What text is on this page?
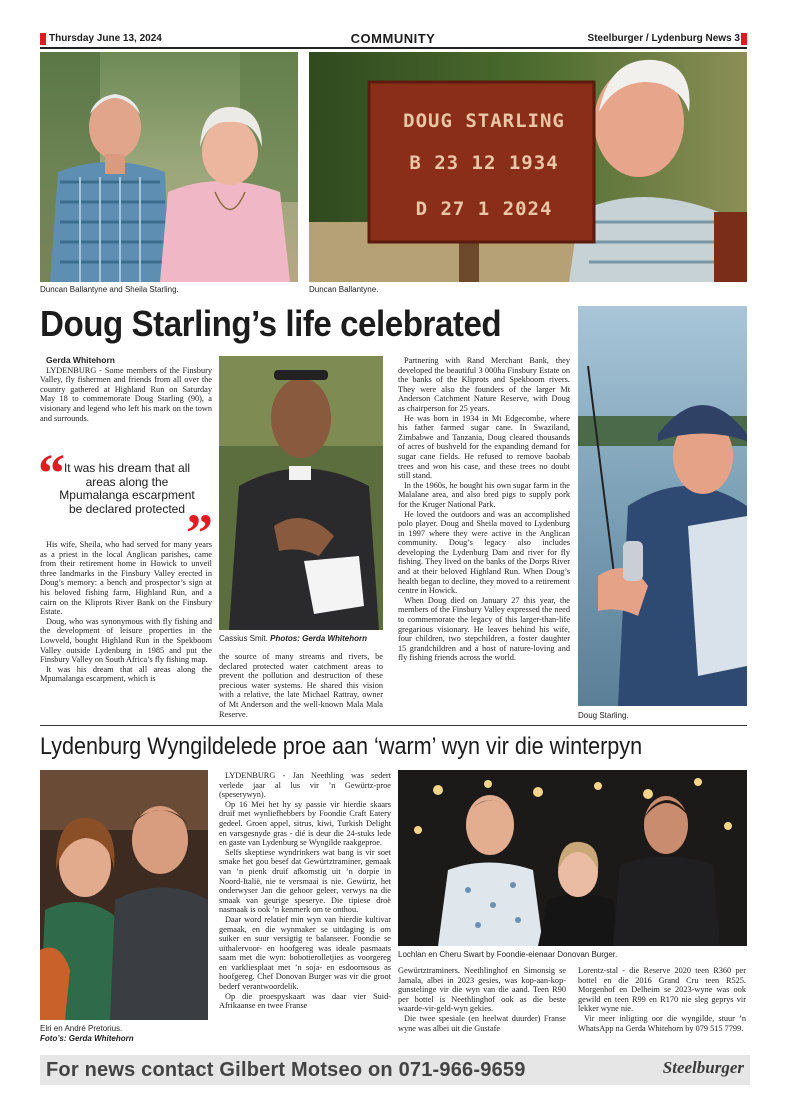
Thursday June 13, 2024	COMMUNITY	Steelburger / Lydenburg News 3
Duncan Ballantyne and Sheila Starling.
DOUG STARLING
B 23 12 1934
D 27 1 2024
Duncan Ballantyne.
Doug Starling’s life celebrated

Gerda Whitehorn

LYDENBURG - Some members of the Finsbury Valley, fly fishermen and friends from all over the country gathered at Highland Run on Saturday May 18 to commemorate Doug Starling (90), a visionary and legend who left his mark on the town and surrounds.

“
It was his dream that all areas along the Mpumalanga escarpment be declared protected ”

His wife, Sheila, who had served for many years as a priest in the local Anglican parishes, came from their retirement home in Howick to unveil three landmarks in the Finsbury Valley erected in Doug’s memory: a bench and prospector’s sign at his beloved fishing farm, Highland Run, and a cairn on the Kliprots River Bank on the Finsbury Estate.

Doug, who was synonymous with fly fishing and the development of leisure properties in the Lowveld, bought Highland Run in the Spekboom Valley outside Lydenburg in 1985 and put the Finsbury Valley on South Africa’s fly fishing map.

It was his dream that all areas along the Mpumalanga escarpment, which is

Cassius Smit. Photos: Gerda Whitehorn

the source of many streams and rivers, be declared protected water catchment areas to prevent the pollution and destruction of these precious water systems. He shared this vision with a relative, the late Michael Rattray, owner of Mt Anderson and the well-known Mala Mala Reserve.

Partnering with Rand Merchant Bank, they developed the beautiful 3 000ha Finsbury Estate on the banks of the Kliprots and Spekboom rivers. They were also the founders of the larger Mt Anderson Catchment Nature Reserve, with Doug as chairperson for 25 years.

He was born in 1934 in Mt Edgecombe, where his father farmed sugar cane. In Swaziland, Zimbabwe and Tanzania, Doug cleared thousands of acres of bushveld for the expanding demand for sugar cane fields. He refused to remove baobab trees and won his case, and these trees no doubt still stand.

In the 1960s, he bought his own sugar farm in the Malalane area, and also bred pigs to supply pork for the Kruger National Park.

He loved the outdoors and was an accomplished polo player. Doug and Sheila moved to Lydenburg in 1997 where they were active in the Anglican community. Doug’s legacy also includes developing the Lydenburg Dam and river for fly fishing. They lived on the banks of the Dorps River and at their beloved Highland Run. When Doug’s health began to decline, they moved to a retirement centre in Howick.

When Doug died on January 27 this year, the members of the Finsbury Valley expressed the need to commemorate the legacy of this larger-than-life gregarious visionary. He leaves behind his wife, four children, two stepchildren, a foster daughter 15 grandchildren and a host of nature-loving and fly fishing friends across the world.

Doug Starling.
Lydenburg Wyngildelede proe aan ‘warm’ wyn vir die winterpyn
Elri en André Pretorius.
Foto’s: Gerda Whitehorn

LYDENBURG - Jan Neethling was sedert verlede jaar al lus vir ’n Gewürtz-proe (speserywyn).

Op 16 Mei het hy sy passie vir hierdie skaars druif met wynliefhebbers by Foondie Craft Eatery gedeel. Groen appel, sitrus, kiwi, Turkish Delight en varsgesnyde gras - dié is deur die 24-stuks lede en gaste van Lydenburg se Wyngilde raakgeproe.

Selfs skeptiese wyndrinkers wat bang is vir soet smake het gou besef dat Gewürtztraminer, gemaak van ’n pienk druif afkomstig uit ’n dorpie in Noord-Italië, nie te versmaai is nie. Gewürtz, het onderwyser Jan die gehoor geleer, verwys na die smaak van geurige speserye. Die tipiese droë nasmaak is ook ’n kenmerk om te onthou.

Daar word relatief min wyn van hierdie kultivar gemaak, en die wynmaker se uitdaging is om suiker en suur versigtig te balanseer. Foondie se uithalervoor- en hoofgereg was ideale pasmaats saam met die wyn: bobotierolletjies as voorgereg en varkliesplaat met ’n soja- en esdoornsous as hoofgereg. Chef Donovan Burger was vir die groot bederf verantwoordelik.

Op die proespyskaart was daar vier Suid-Afrikaanse en twee Franse

Lochlan en Cheru Swart by Foondie-eienaar Donovan Burger.

Gewürtztraminers. Neethlinghof en Simonsig se Jamala, albei in 2023 gesies, was kop-aan-kop-gunstelinge vir die wyn van die aand. Teen R90 per bottel is Neethlinghof ook as die beste waarde-vir-geld-wyn gekies.

Die twee spesiale (en heelwat duurder) Franse wyne was albei uit die Gustafe

Lorentz-stal - die Reserve 2020 teen R360 per bottel en die 2016 Grand Cru teen R525. Morgenhof en Delheim se 2023-wyne was ook gewild en teen R99 en R170 nie sleg geprys vir lekker wyne nie.

Vir meer inligting oor die wyngilde, stuur ’n WhatsApp na Gerda Whitehorn by 079 515 7799.

For news contact Gilbert Motseo on 071-966-9659	Steelburger
